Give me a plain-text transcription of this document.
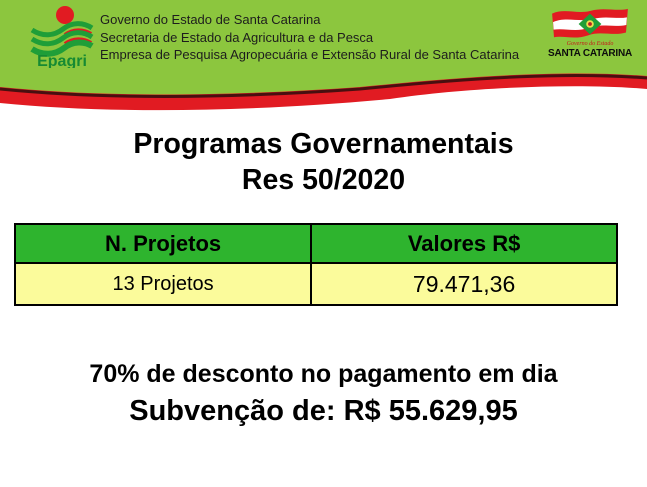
Epagri
Governo do Estado de Santa Catarina
Secretaria de Estado da Agricultura e da Pesca
Empresa de Pesquisa Agropecuária e Extensão Rural de Santa Catarina
Governo do Estado
SANTA CATARINA
Programas Governamentais
Res 50/2020
N. Projetos	Valores R$
13 Projetos	79.471,36
70% de desconto no pagamento em dia
Subvenção de: R$ 55.629,95
